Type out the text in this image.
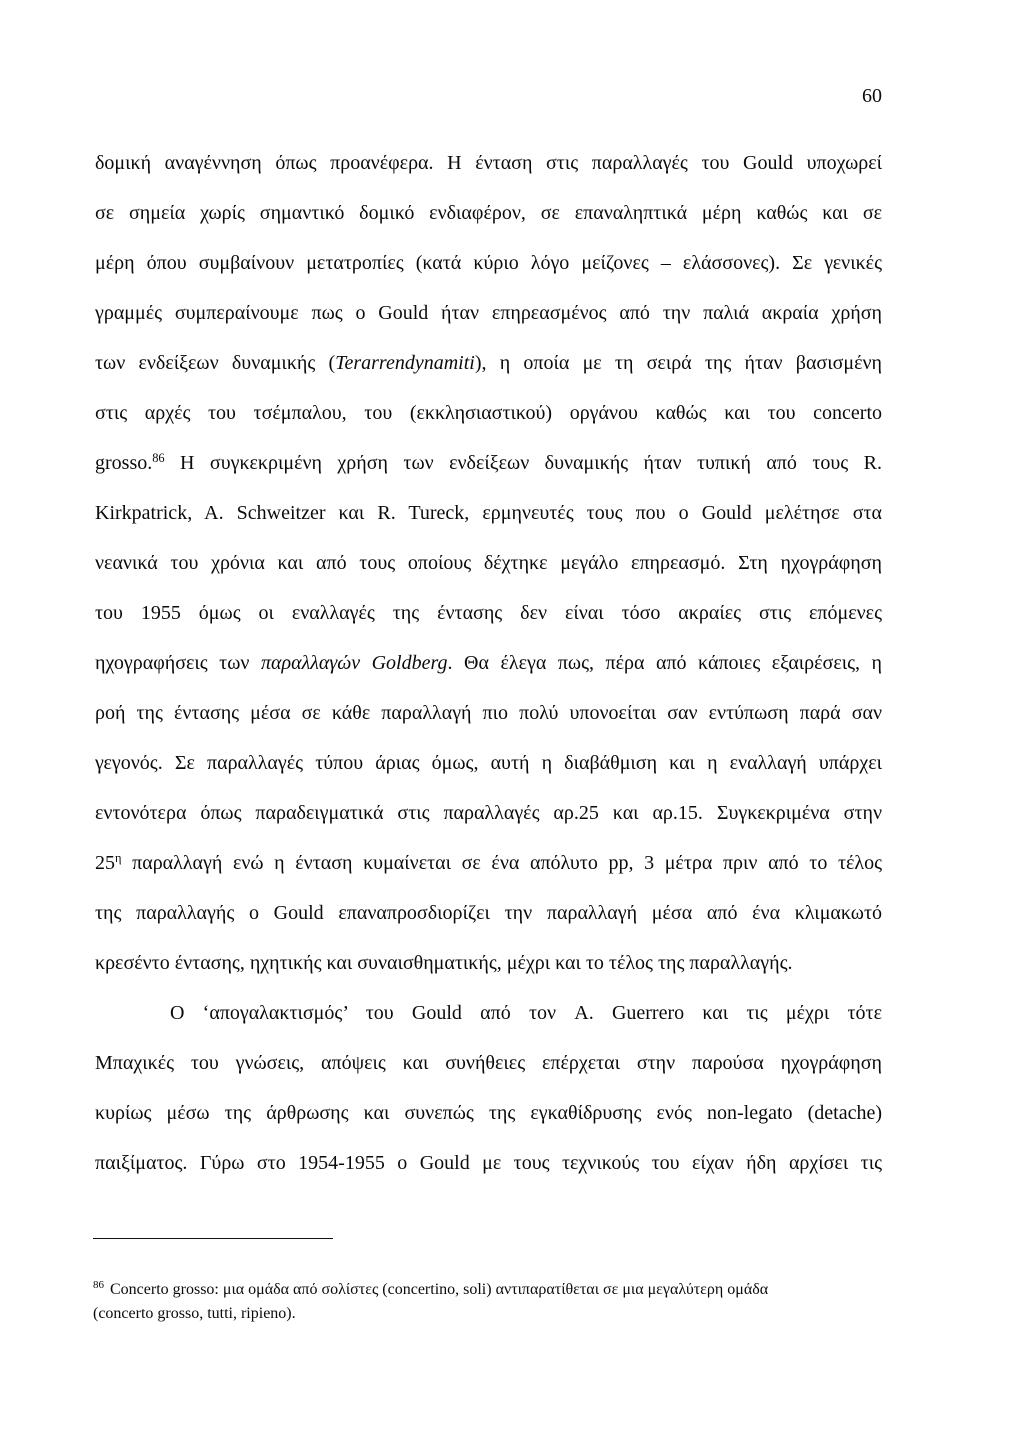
60
δομική αναγέννηση όπως προανέφερα. Η ένταση στις παραλλαγές του Gould υποχωρεί
σε σημεία χωρίς σημαντικό δομικό ενδιαφέρον, σε επαναληπτικά μέρη καθώς και σε
μέρη όπου συμβαίνουν μετατροπίες (κατά κύριο λόγο μείζονες – ελάσσονες). Σε γενικές
γραμμές συμπεραίνουμε πως ο Gould ήταν επηρεασμένος από την παλιά ακραία χρήση
των ενδείξεων δυναμικής (Terarrendynamiti), η οποία με τη σειρά της ήταν βασισμένη
στις αρχές του τσέμπαλου, του (εκκλησιαστικού) οργάνου καθώς και του concerto
grosso.$^{86}$ Η συγκεκριμένη χρήση των ενδείξεων δυναμικής ήταν τυπική από τους R.
Kirkpatrick, A. Schweitzer και R. Tureck, ερμηνευτές τους που ο Gould μελέτησε στα
νεανικά του χρόνια και από τους οποίους δέχτηκε μεγάλο επηρεασμό. Στη ηχογράφηση
του 1955 όμως οι εναλλαγές της έντασης δεν είναι τόσο ακραίες στις επόμενες
ηχογραφήσεις των παραλλαγών Goldberg. Θα έλεγα πως, πέρα από κάποιες εξαιρέσεις, η
ροή της έντασης μέσα σε κάθε παραλλαγή πιο πολύ υπονοείται σαν εντύπωση παρά σαν
γεγονός. Σε παραλλαγές τύπου άριας όμως, αυτή η διαβάθμιση και η εναλλαγή υπάρχει
εντονότερα όπως παραδειγματικά στις παραλλαγές αρ.25 και αρ.15. Συγκεκριμένα στην
$25^\eta$ παραλλαγή ενώ η ένταση κυμαίνεται σε ένα απόλυτο pp, 3 μέτρα πριν από το τέλος
της παραλλαγής ο Gould επαναπροσδιορίζει την παραλλαγή μέσα από ένα κλιμακωτό
κρεσέντο έντασης, ηχητικής και συναισθηματικής, μέχρι και το τέλος της παραλλαγής.
Ο ‘απογαλακτισμός’ του Gould από τον A. Guerrero και τις μέχρι τότε
Μπαχικές του γνώσεις, απόψεις και συνήθειες επέρχεται στην παρούσα ηχογράφηση
κυρίως μέσω της άρθρωσης και συνεπώς της εγκαθίδρυσης ενός non-legato (detache)
παιξίματος. Γύρω στο 1954-1955 ο Gould με τους τεχνικούς του είχαν ήδη αρχίσει τις
$^{86}$ Concerto grosso: μια ομάδα από σολίστες (concertino, soli) αντιπαρατίθεται σε μια μεγαλύτερη ομάδα
(concerto grosso, tutti, ripieno).
